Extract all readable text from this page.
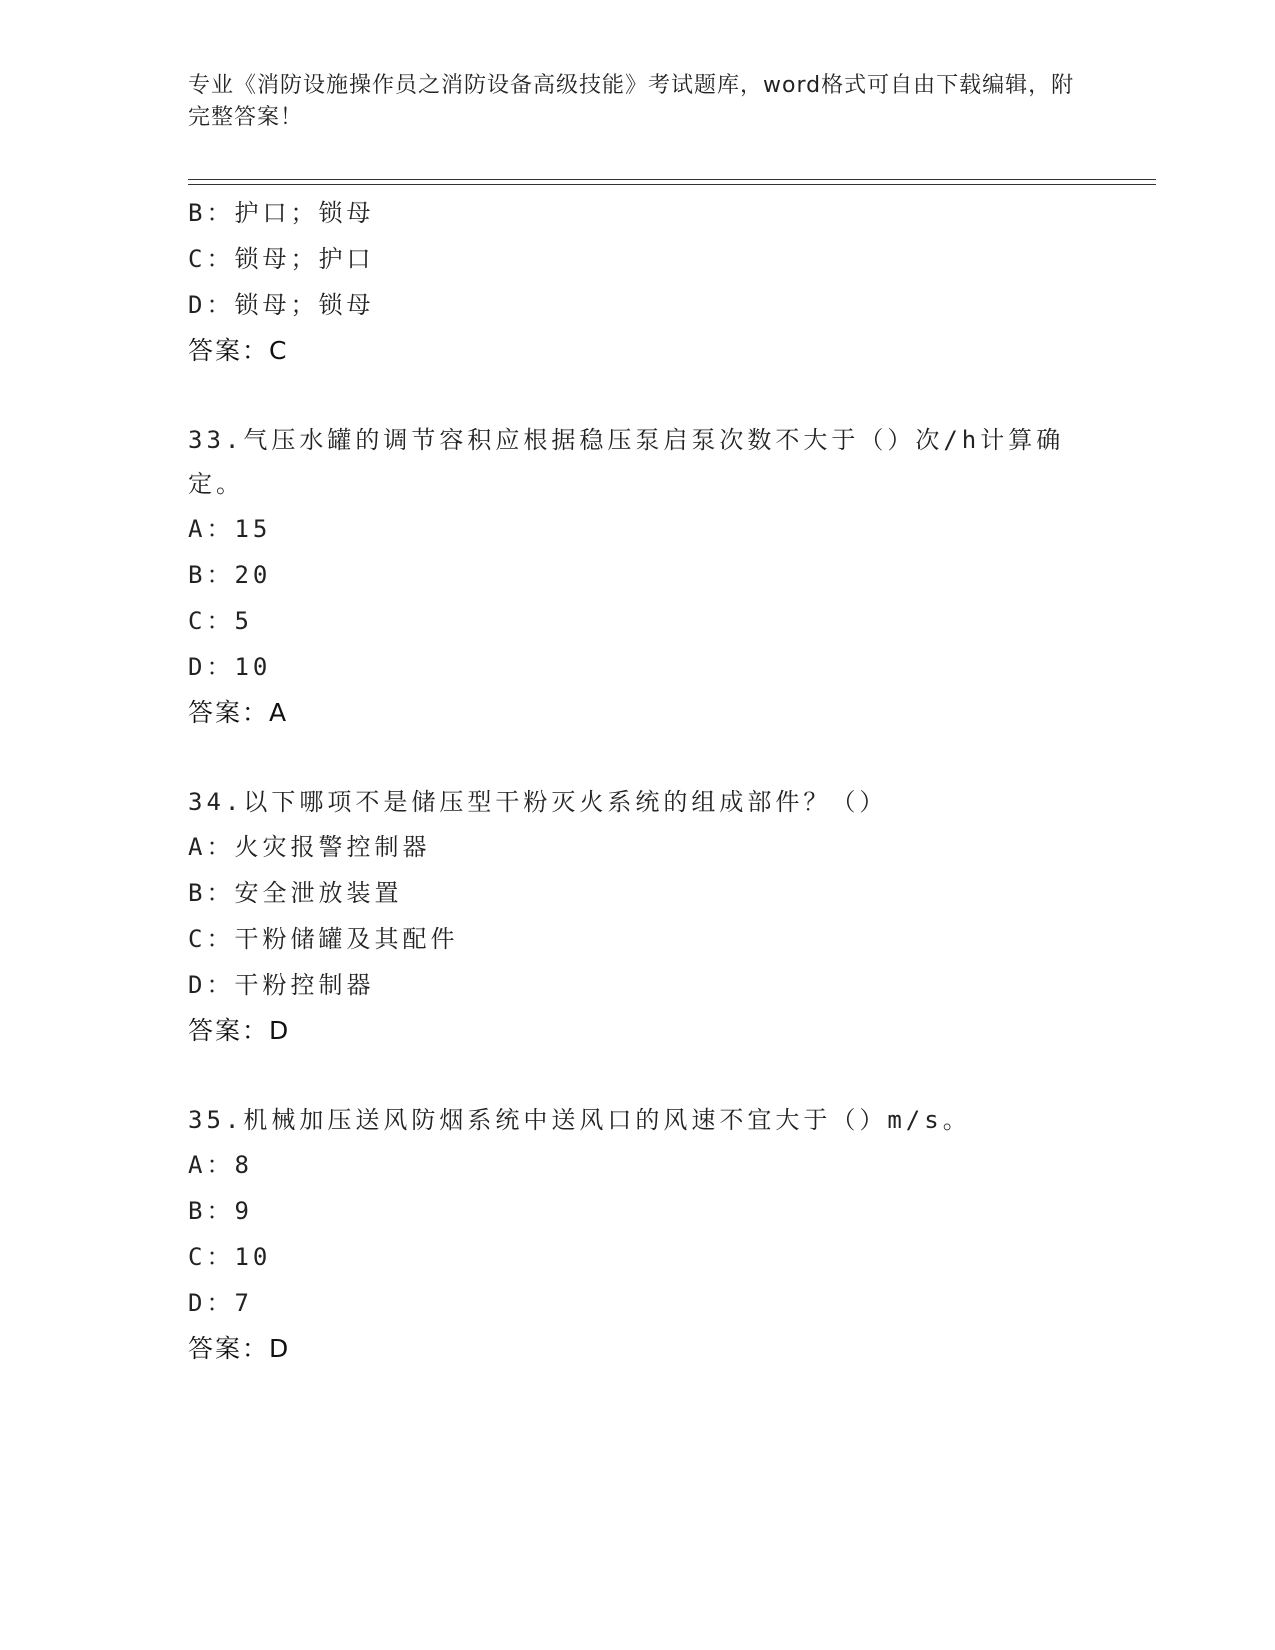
专业《消防设施操作员之消防设备高级技能》考试题库，word格式可自由下载编辑，附完整答案！
B：护口；锁母
C：锁母；护口
D：锁母；锁母
答案：C
33.气压水罐的调节容积应根据稳压泵启泵次数不大于（）次/h计算确定。
A：15
B：20
C：5
D：10
答案：A
34.以下哪项不是储压型干粉灭火系统的组成部件？（）
A：火灾报警控制器
B：安全泄放装置
C：干粉储罐及其配件
D：干粉控制器
答案：D
35.机械加压送风防烟系统中送风口的风速不宜大于（）m/s。
A：8
B：9
C：10
D：7
答案：D
